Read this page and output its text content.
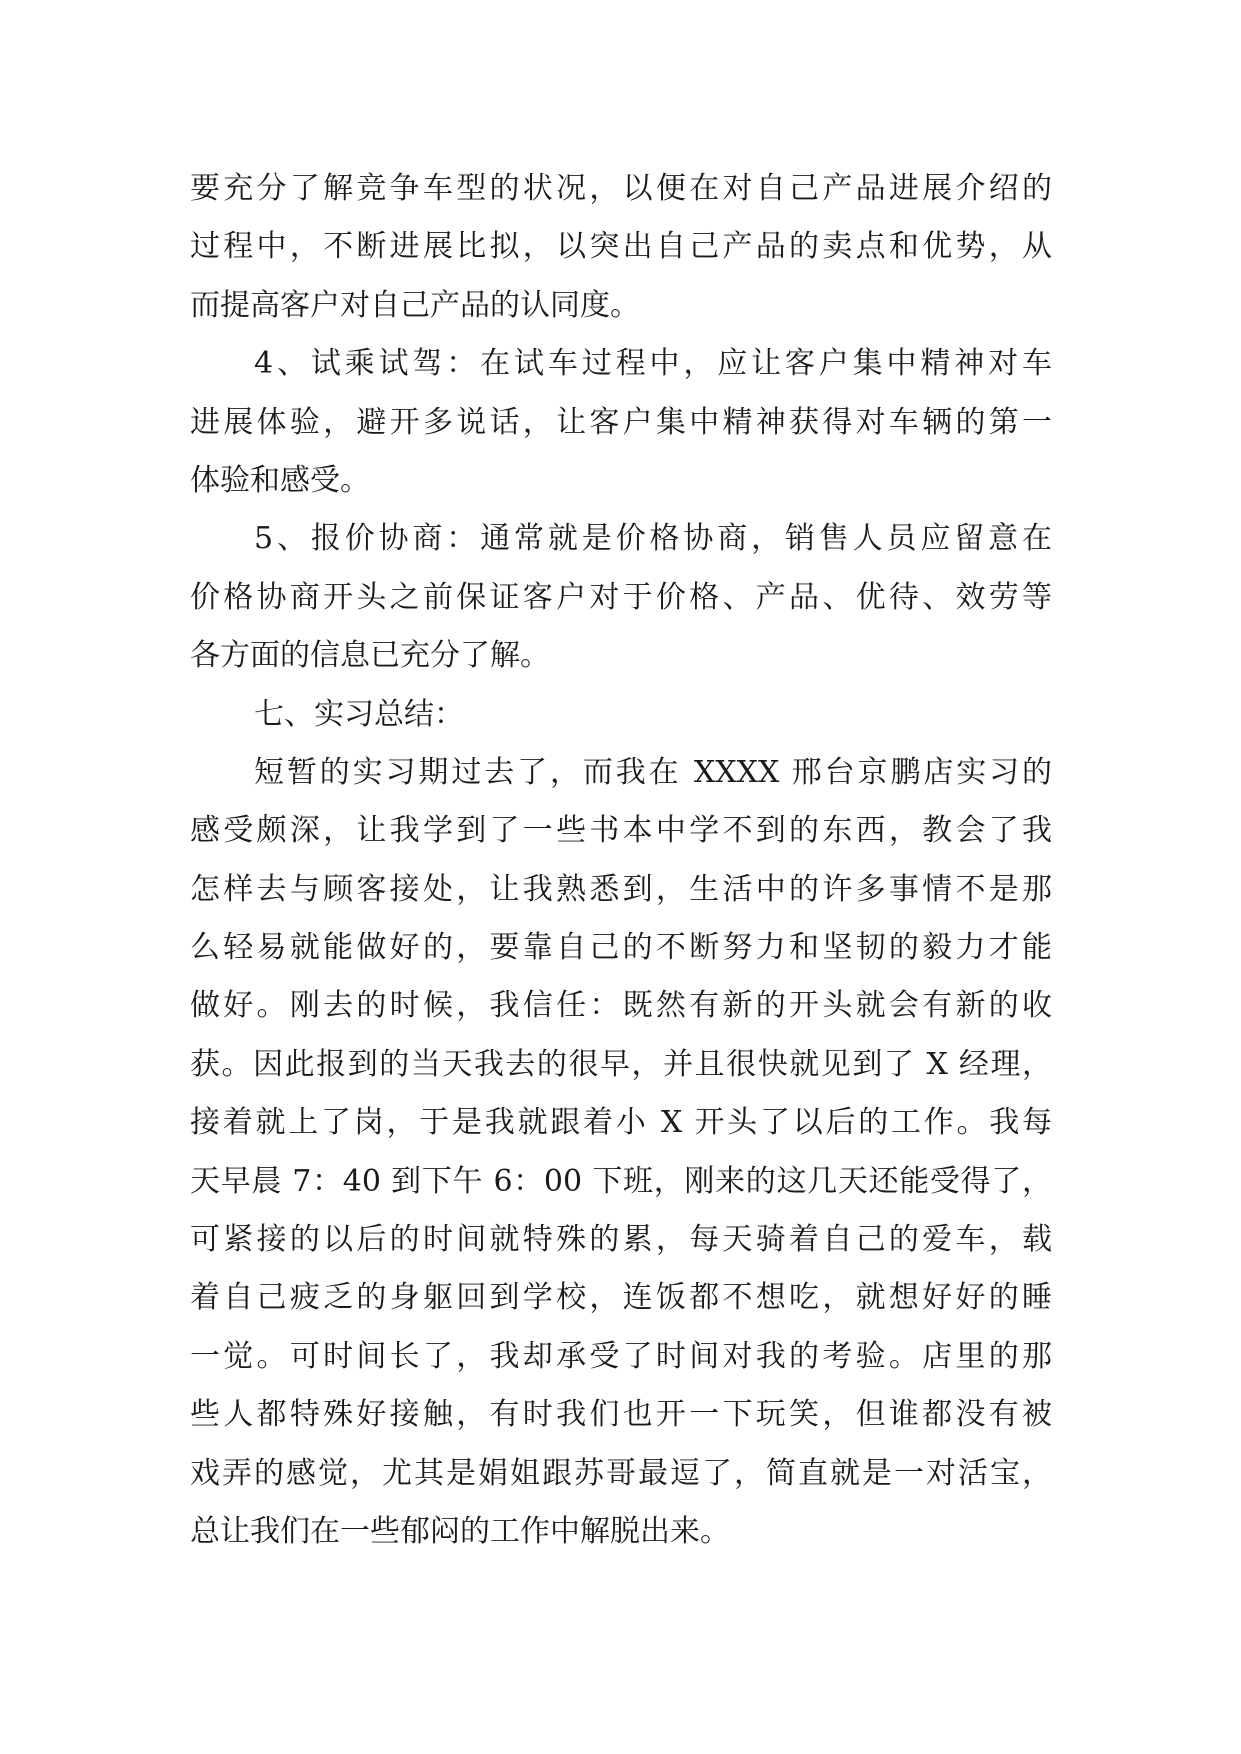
要充分了解竞争车型的状况，以便在对自己产品进展介绍的
过程中，不断进展比拟，以突出自己产品的卖点和优势，从
而提高客户对自己产品的认同度。
4、试乘试驾：在试车过程中，应让客户集中精神对车
进展体验，避开多说话，让客户集中精神获得对车辆的第一
体验和感受。
5、报价协商：通常就是价格协商，销售人员应留意在
价格协商开头之前保证客户对于价格、产品、优待、效劳等
各方面的信息已充分了解。
七、实习总结：
短暂的实习期过去了，而我在 XXXX 邢台京鹏店实习的
感受颇深，让我学到了一些书本中学不到的东西，教会了我
怎样去与顾客接处，让我熟悉到，生活中的许多事情不是那
么轻易就能做好的，要靠自己的不断努力和坚韧的毅力才能
做好。刚去的时候，我信任：既然有新的开头就会有新的收
获。因此报到的当天我去的很早，并且很快就见到了 X 经理，
接着就上了岗，于是我就跟着小 X 开头了以后的工作。我每
天早晨 7：40 到下午 6：00 下班，刚来的这几天还能受得了，
可紧接的以后的时间就特殊的累，每天骑着自己的爱车，载
着自己疲乏的身躯回到学校，连饭都不想吃，就想好好的睡
一觉。可时间长了，我却承受了时间对我的考验。店里的那
些人都特殊好接触，有时我们也开一下玩笑，但谁都没有被
戏弄的感觉，尤其是娟姐跟苏哥最逗了，简直就是一对活宝，
总让我们在一些郁闷的工作中解脱出来。
